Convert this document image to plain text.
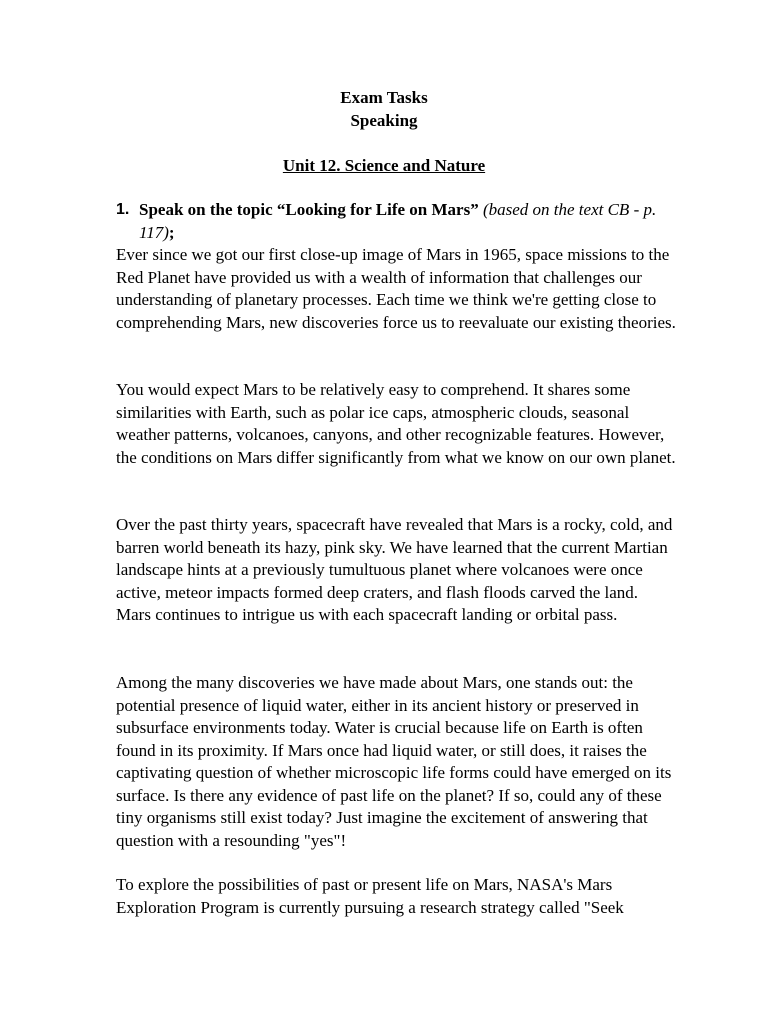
Exam Tasks
Speaking
Unit 12. Science and Nature
1. Speak on the topic “Looking for Life on Mars” (based on the text CB - p. 117);

Ever since we got our first close-up image of Mars in 1965, space missions to the Red Planet have provided us with a wealth of information that challenges our understanding of planetary processes. Each time we think we're getting close to comprehending Mars, new discoveries force us to reevaluate our existing theories.

You would expect Mars to be relatively easy to comprehend. It shares some similarities with Earth, such as polar ice caps, atmospheric clouds, seasonal weather patterns, volcanoes, canyons, and other recognizable features. However, the conditions on Mars differ significantly from what we know on our own planet.

Over the past thirty years, spacecraft have revealed that Mars is a rocky, cold, and barren world beneath its hazy, pink sky. We have learned that the current Martian landscape hints at a previously tumultuous planet where volcanoes were once active, meteor impacts formed deep craters, and flash floods carved the land. Mars continues to intrigue us with each spacecraft landing or orbital pass.

Among the many discoveries we have made about Mars, one stands out: the potential presence of liquid water, either in its ancient history or preserved in subsurface environments today. Water is crucial because life on Earth is often found in its proximity. If Mars once had liquid water, or still does, it raises the captivating question of whether microscopic life forms could have emerged on its surface. Is there any evidence of past life on the planet? If so, could any of these tiny organisms still exist today? Just imagine the excitement of answering that question with a resounding "yes"!

To explore the possibilities of past or present life on Mars, NASA's Mars Exploration Program is currently pursuing a research strategy called "Seek
